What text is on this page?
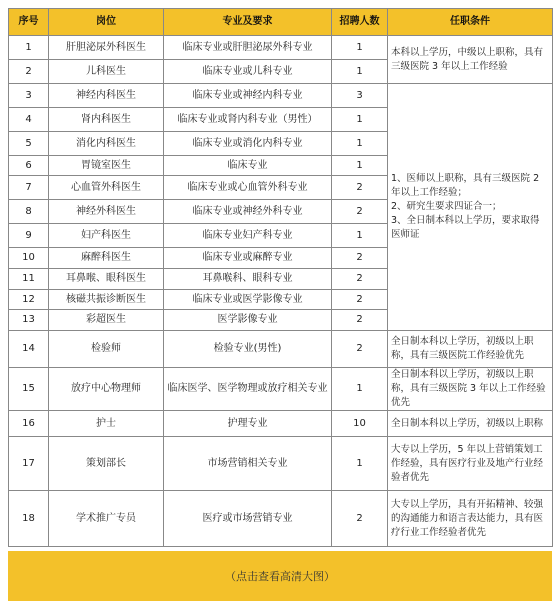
序号	岗位	专业及要求	招聘人数	任职条件
1	肝胆泌尿外科医生	临床专业或肝胆泌尿外科专业	1	本科以上学历，中级以上职称，具有三级医院 3 年以上工作经验
2	儿科医生	临床专业或儿科专业	1	
3	神经内科医生	临床专业或神经内科专业	3	1、医师以上职称，具有三级医院 2 年以上工作经验；
2、研究生要求四证合一；
3、全日制本科以上学历，要求取得医师证
4	肾内科医生	临床专业或肾内科专业（男性）	1	
5	消化内科医生	临床专业或消化内科专业	1	
6	胃镜室医生	临床专业	1	
7	心血管外科医生	临床专业或心血管外科专业	2	
8	神经外科医生	临床专业或神经外科专业	2	
9	妇产科医生	临床专业妇产科专业	1	
10	麻醉科医生	临床专业或麻醉专业	2	
11	耳鼻喉、眼科医生	耳鼻喉科、眼科专业	2	
12	核磁共振诊断医生	临床专业或医学影像专业	2	
13	彩超医生	医学影像专业	2	
14	检验师	检验专业(男性)	2	全日制本科以上学历，初级以上职称，具有三级医院工作经验优先
15	放疗中心物理师	临床医学、医学物理或放疗相关专业	1	全日制本科以上学历，初级以上职称，具有三级医院 3 年以上工作经验优先
16	护士	护理专业	10	全日制本科以上学历，初级以上职称
17	策划部长	市场营销相关专业	1	大专以上学历，5 年以上营销策划工作经验，具有医疗行业及地产行业经验者优先
18	学术推广专员	医疗或市场营销专业	2	大专以上学历，具有开拓精神、较强的沟通能力和语言表达能力，具有医疗行业工作经验者优先
（点击查看高清大图）
